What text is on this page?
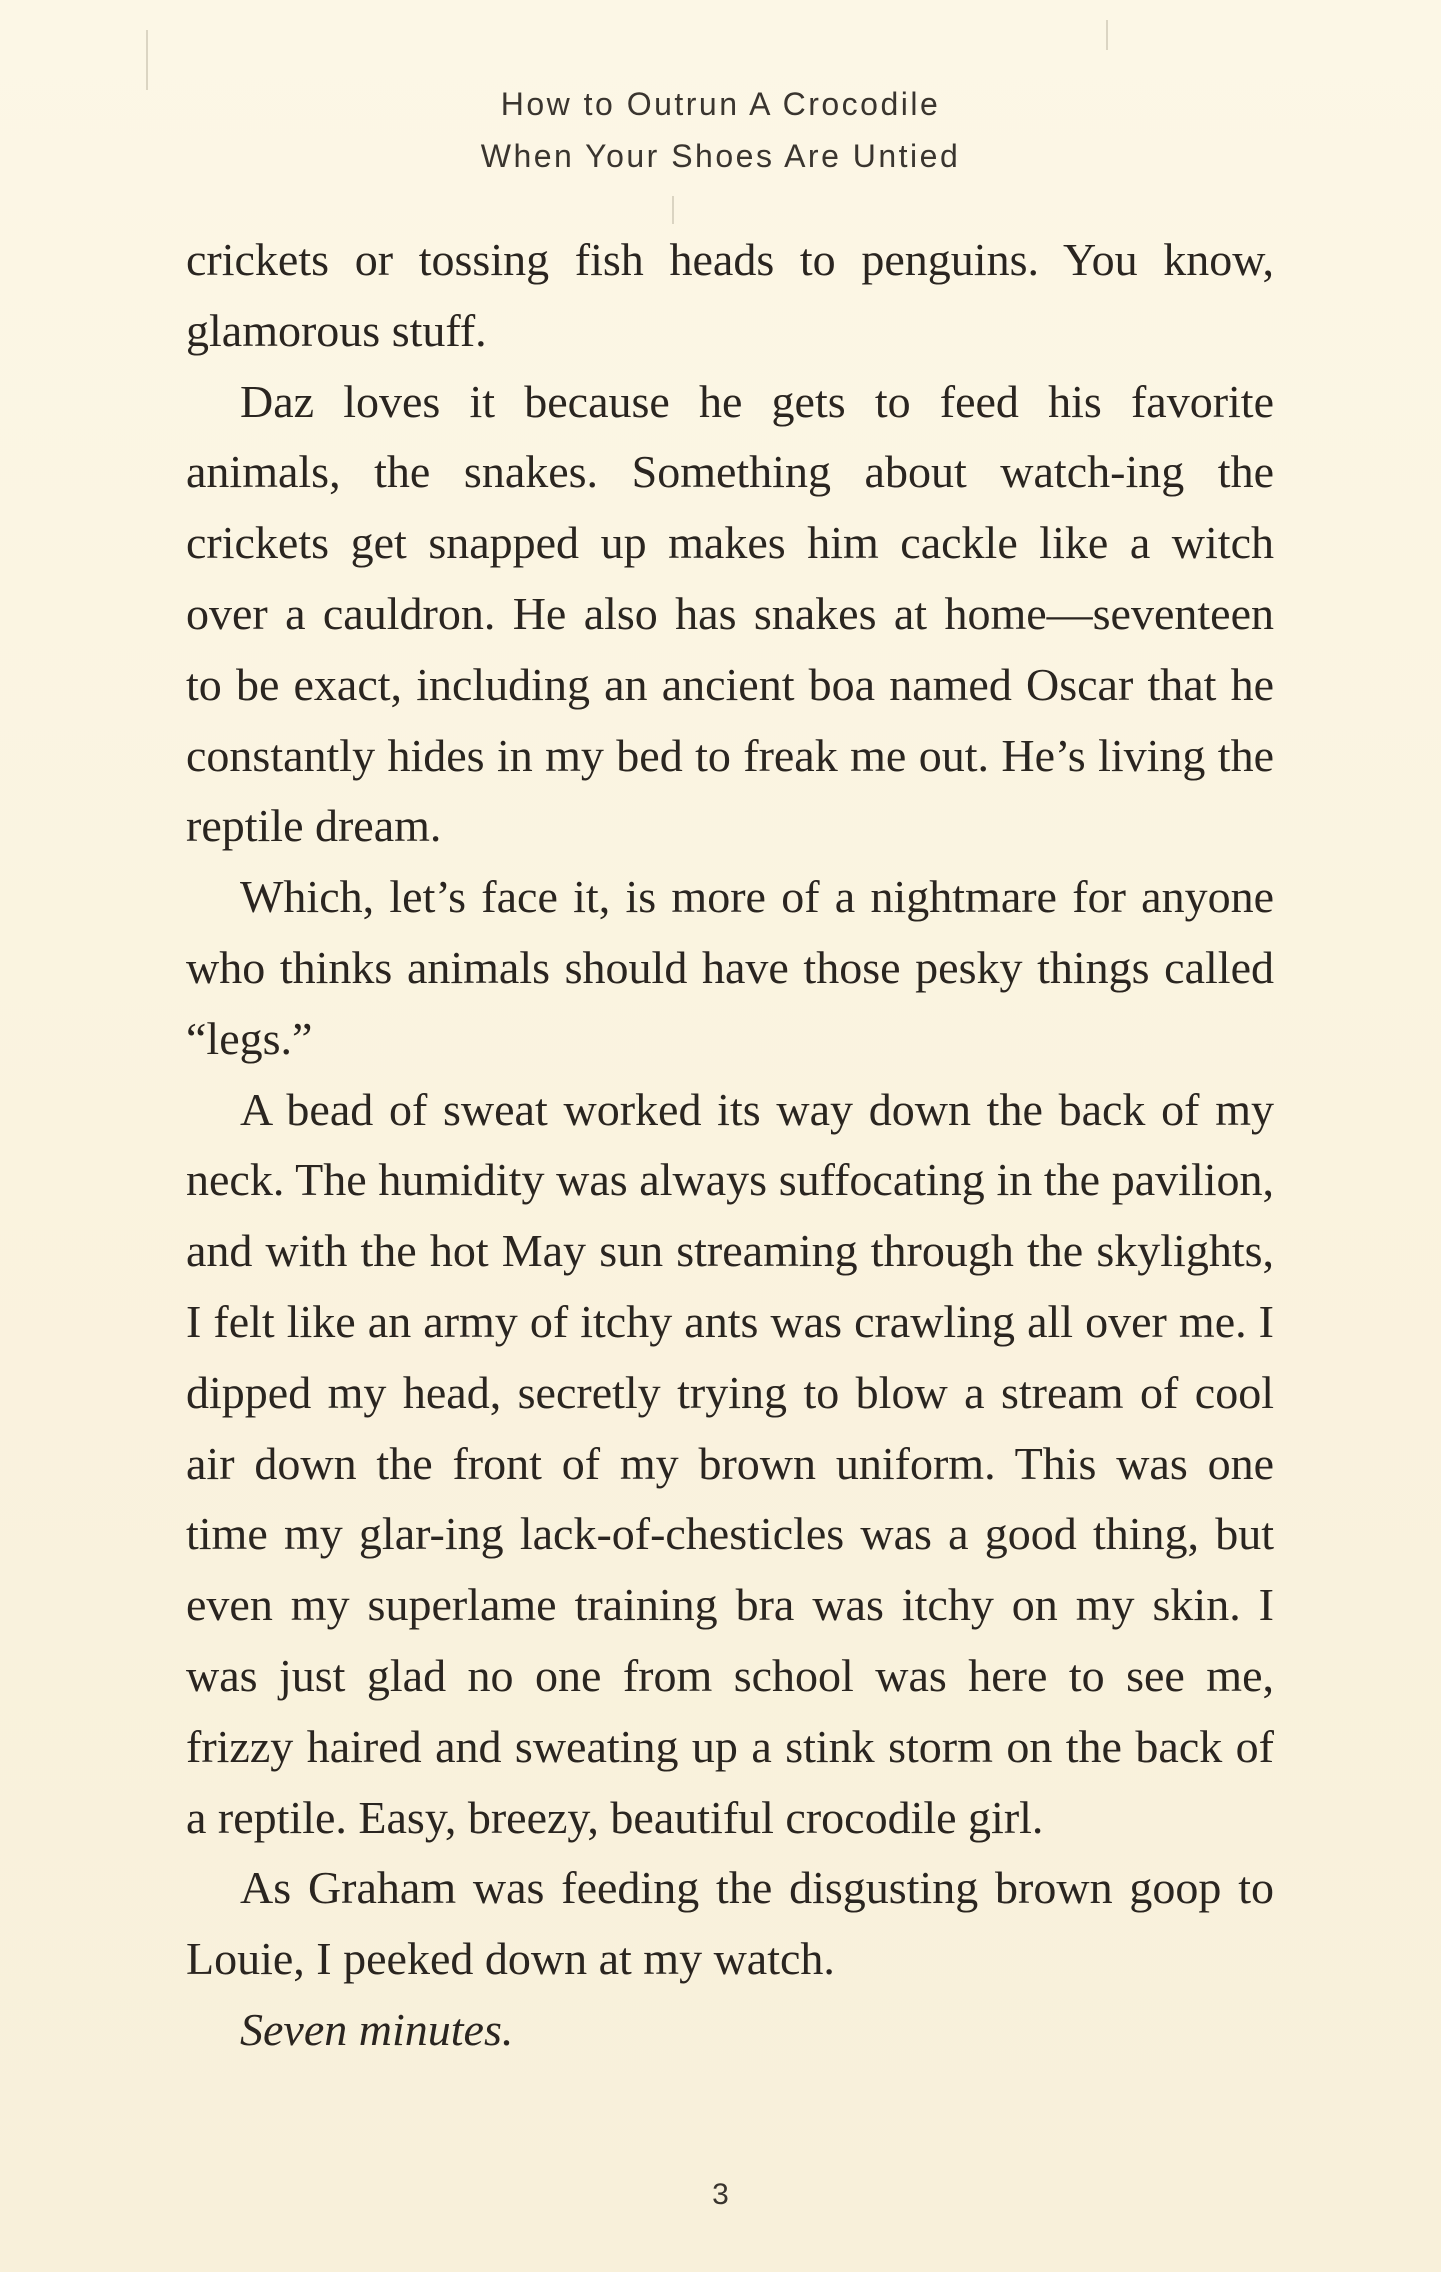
How to Outrun A Crocodile
When Your Shoes Are Untied

crickets or tossing fish heads to penguins. You know, glamorous stuff.

Daz loves it because he gets to feed his favorite animals, the snakes. Something about watch-ing the crickets get snapped up makes him cackle like a witch over a cauldron. He also has snakes at home—seventeen to be exact, including an ancient boa named Oscar that he constantly hides in my bed to freak me out. He’s living the reptile dream.

Which, let’s face it, is more of a nightmare for anyone who thinks animals should have those pesky things called “legs.”

A bead of sweat worked its way down the back of my neck. The humidity was always suffocating in the pavilion, and with the hot May sun streaming through the skylights, I felt like an army of itchy ants was crawling all over me. I dipped my head, secretly trying to blow a stream of cool air down the front of my brown uniform. This was one time my glar-ing lack-of-chesticles was a good thing, but even my superlame training bra was itchy on my skin. I was just glad no one from school was here to see me, frizzy haired and sweating up a stink storm on the back of a reptile. Easy, breezy, beautiful crocodile girl.

As Graham was feeding the disgusting brown goop to Louie, I peeked down at my watch.

Seven minutes.

3
